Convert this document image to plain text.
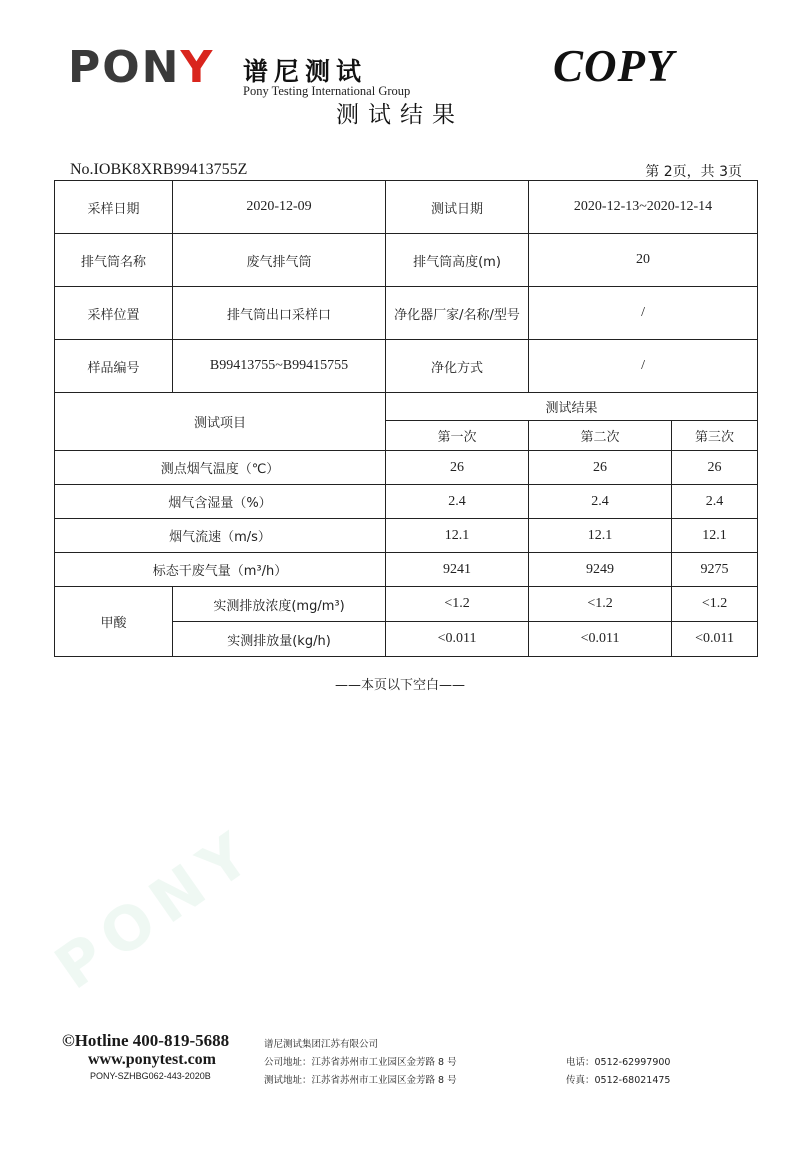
PONY
PONY 谱尼测试
Pony Testing International Group	COPY
测试结果
No.IOBK8XRB99413755Z	第 2页，共 3页
采样日期	2020-12-09	测试日期	2020-12-13~2020-12-14	
排气筒名称	废气排气筒	排气筒高度(m)	20	
采样位置	排气筒出口采样口	净化器厂家/名称/型号	/	
样品编号	B99413755~B99415755	净化方式	/	
测试项目		测试结果		
		第一次	第二次	第三次
测点烟气温度（℃）		26	26	26
烟气含湿量（%）		2.4	2.4	2.4
烟气流速（m/s）		12.1	12.1	12.1
标态干废气量（m³/h）		9241	9249	9275
甲酸	实测排放浓度(mg/m³)	<1.2	<1.2	<1.2
	实测排放量(kg/h)	<0.011	<0.011	<0.011
——本页以下空白——
©Hotline 400-819-5688
www.ponytest.com
PONY-SZHBG062-443-2020B
谱尼测试集团江苏有限公司
公司地址：江苏省苏州市工业园区金芳路 8 号
测试地址：江苏省苏州市工业园区金芳路 8 号
电话：0512-62997900
传真：0512-68021475
